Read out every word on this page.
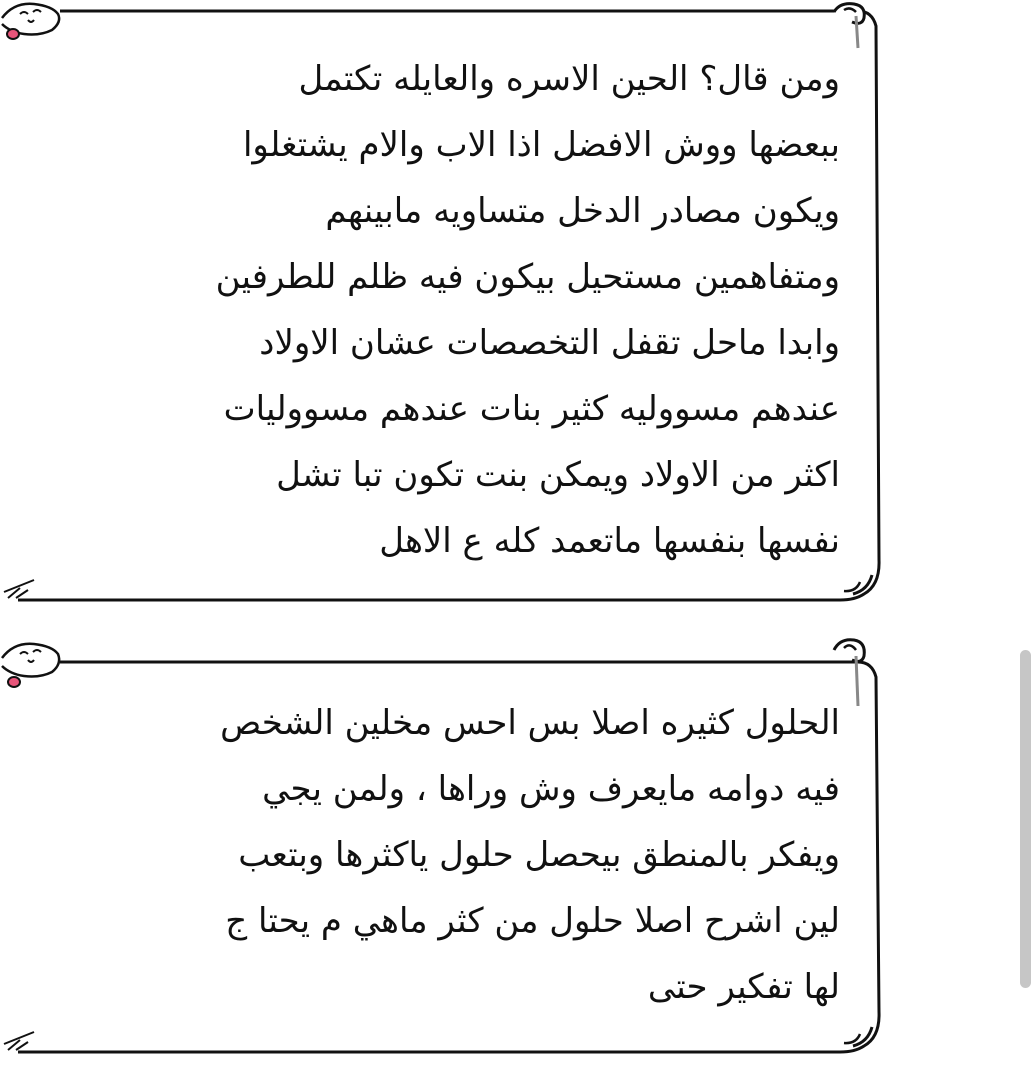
ومن قال؟ الحين الاسره والعايله تكتمل
ببعضها ووش الافضل اذا الاب والام يشتغلوا
ويكون مصادر الدخل متساويه مابينهم
ومتفاهمين مستحيل بيكون فيه ظلم للطرفين
وابدا ماحل تقفل التخصصات عشان الاولاد
عندهم مسووليه كثير بنات عندهم مسووليات
اكثر من الاولاد ويمكن بنت تكون تبا تشل
نفسها بنفسها ماتعمد كله ع الاهل
الحلول كثيره اصلا بس احس مخلين الشخص
فيه دوامه مايعرف وش وراها ، ولمن يجي
ويفكر بالمنطق بيحصل حلول ياكثرها وبتعب
لين اشرح اصلا حلول من كثر ماهي م يحتا ج
لها تفكير حتى
